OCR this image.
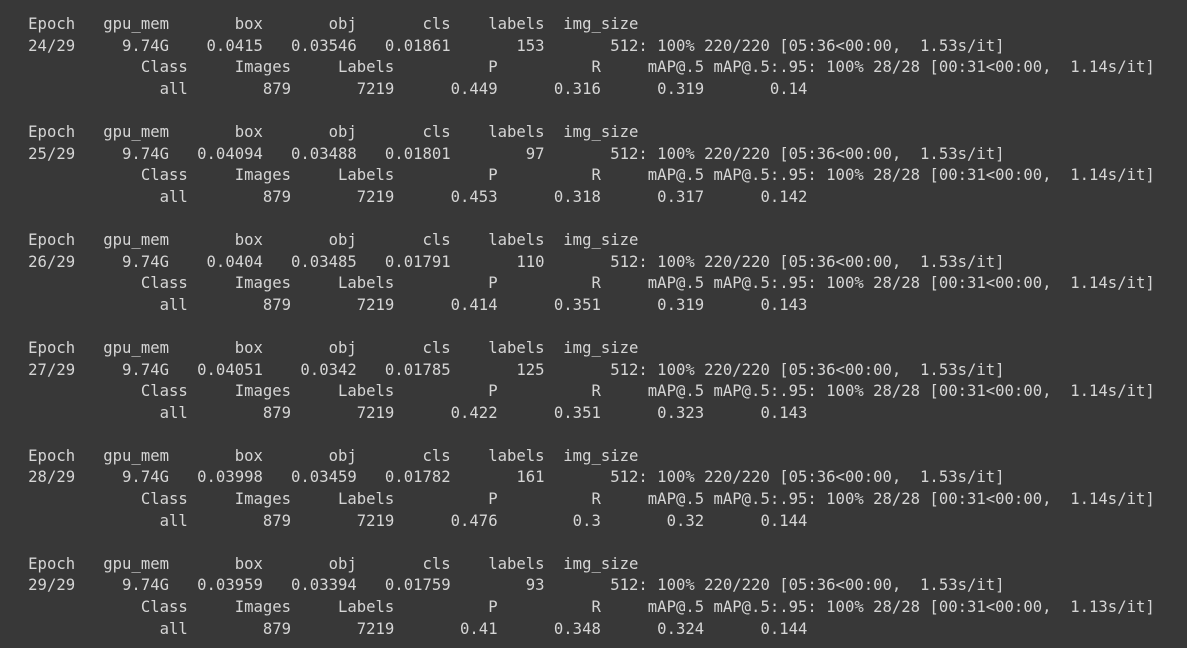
Epoch   gpu_mem       box       obj       cls    labels  img_size
24/29     9.74G    0.0415   0.03546   0.01861       153       512: 100% 220/220 [05:36<00:00,  1.53s/it]
Class     Images     Labels          P          R     mAP@.5 mAP@.5:.95: 100% 28/28 [00:31<00:00,  1.14s/it]
all        879       7219      0.449      0.316      0.319       0.14
Epoch   gpu_mem       box       obj       cls    labels  img_size
25/29     9.74G   0.04094   0.03488   0.01801        97       512: 100% 220/220 [05:36<00:00,  1.53s/it]
Class     Images     Labels          P          R     mAP@.5 mAP@.5:.95: 100% 28/28 [00:31<00:00,  1.14s/it]
all        879       7219      0.453      0.318      0.317      0.142
Epoch   gpu_mem       box       obj       cls    labels  img_size
26/29     9.74G    0.0404   0.03485   0.01791       110       512: 100% 220/220 [05:36<00:00,  1.53s/it]
Class     Images     Labels          P          R     mAP@.5 mAP@.5:.95: 100% 28/28 [00:31<00:00,  1.14s/it]
all        879       7219      0.414      0.351      0.319      0.143
Epoch   gpu_mem       box       obj       cls    labels  img_size
27/29     9.74G   0.04051    0.0342   0.01785       125       512: 100% 220/220 [05:36<00:00,  1.53s/it]
Class     Images     Labels          P          R     mAP@.5 mAP@.5:.95: 100% 28/28 [00:31<00:00,  1.14s/it]
all        879       7219      0.422      0.351      0.323      0.143
Epoch   gpu_mem       box       obj       cls    labels  img_size
28/29     9.74G   0.03998   0.03459   0.01782       161       512: 100% 220/220 [05:36<00:00,  1.53s/it]
Class     Images     Labels          P          R     mAP@.5 mAP@.5:.95: 100% 28/28 [00:31<00:00,  1.14s/it]
all        879       7219      0.476        0.3       0.32      0.144
Epoch   gpu_mem       box       obj       cls    labels  img_size
29/29     9.74G   0.03959   0.03394   0.01759        93       512: 100% 220/220 [05:36<00:00,  1.53s/it]
Class     Images     Labels          P          R     mAP@.5 mAP@.5:.95: 100% 28/28 [00:31<00:00,  1.13s/it]
all        879       7219       0.41      0.348      0.324      0.144
